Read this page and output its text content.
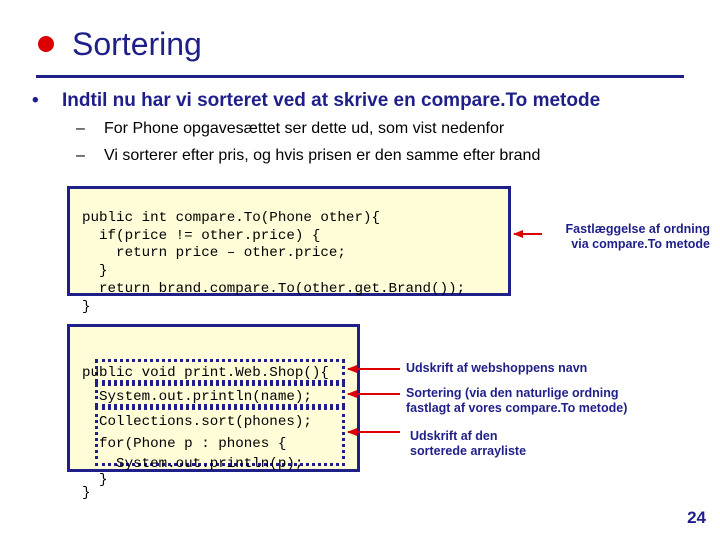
Sortering
• Indtil nu har vi sorteret ved at skrive en compare.To metode
– For Phone opgavesættet ser dette ud, som vist nedenfor
– Vi sorterer efter pris, og hvis prisen er den samme efter brand

public int compare.To(Phone other){
if(price != other.price) {
return price – other.price;
}
return brand.compare.To(other.get.Brand());
}

public void print.Web.Shop(){
System.out.println(name);
Collections.sort(phones);
for(Phone p : phones {
System.out.println(p);
}
}

Fastlæggelse af ordning
via compare.To metode
Udskrift af webshoppens navn
Sortering (via den naturlige ordning
fastlagt af vores compare.To metode)
Udskrift af den
sorterede arrayliste
24
